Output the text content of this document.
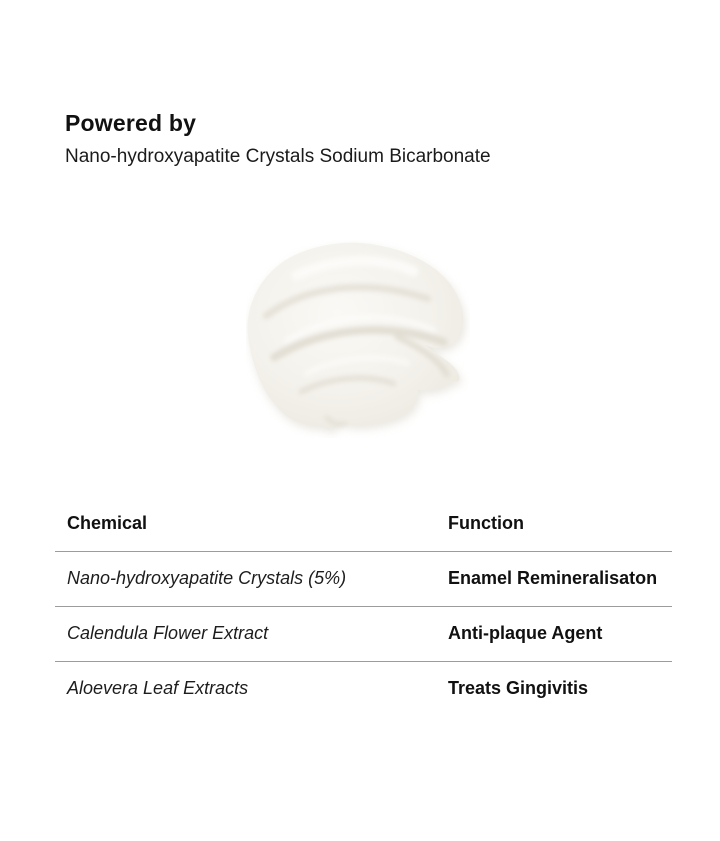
Powered by

Nano-hydroxyapatite Crystals Sodium Bicarbonate

Chemical	Function
Nano-hydroxyapatite Crystals (5%)	Enamel Remineralisaton
Calendula Flower Extract	Anti-plaque Agent
Aloevera Leaf Extracts	Treats Gingivitis
